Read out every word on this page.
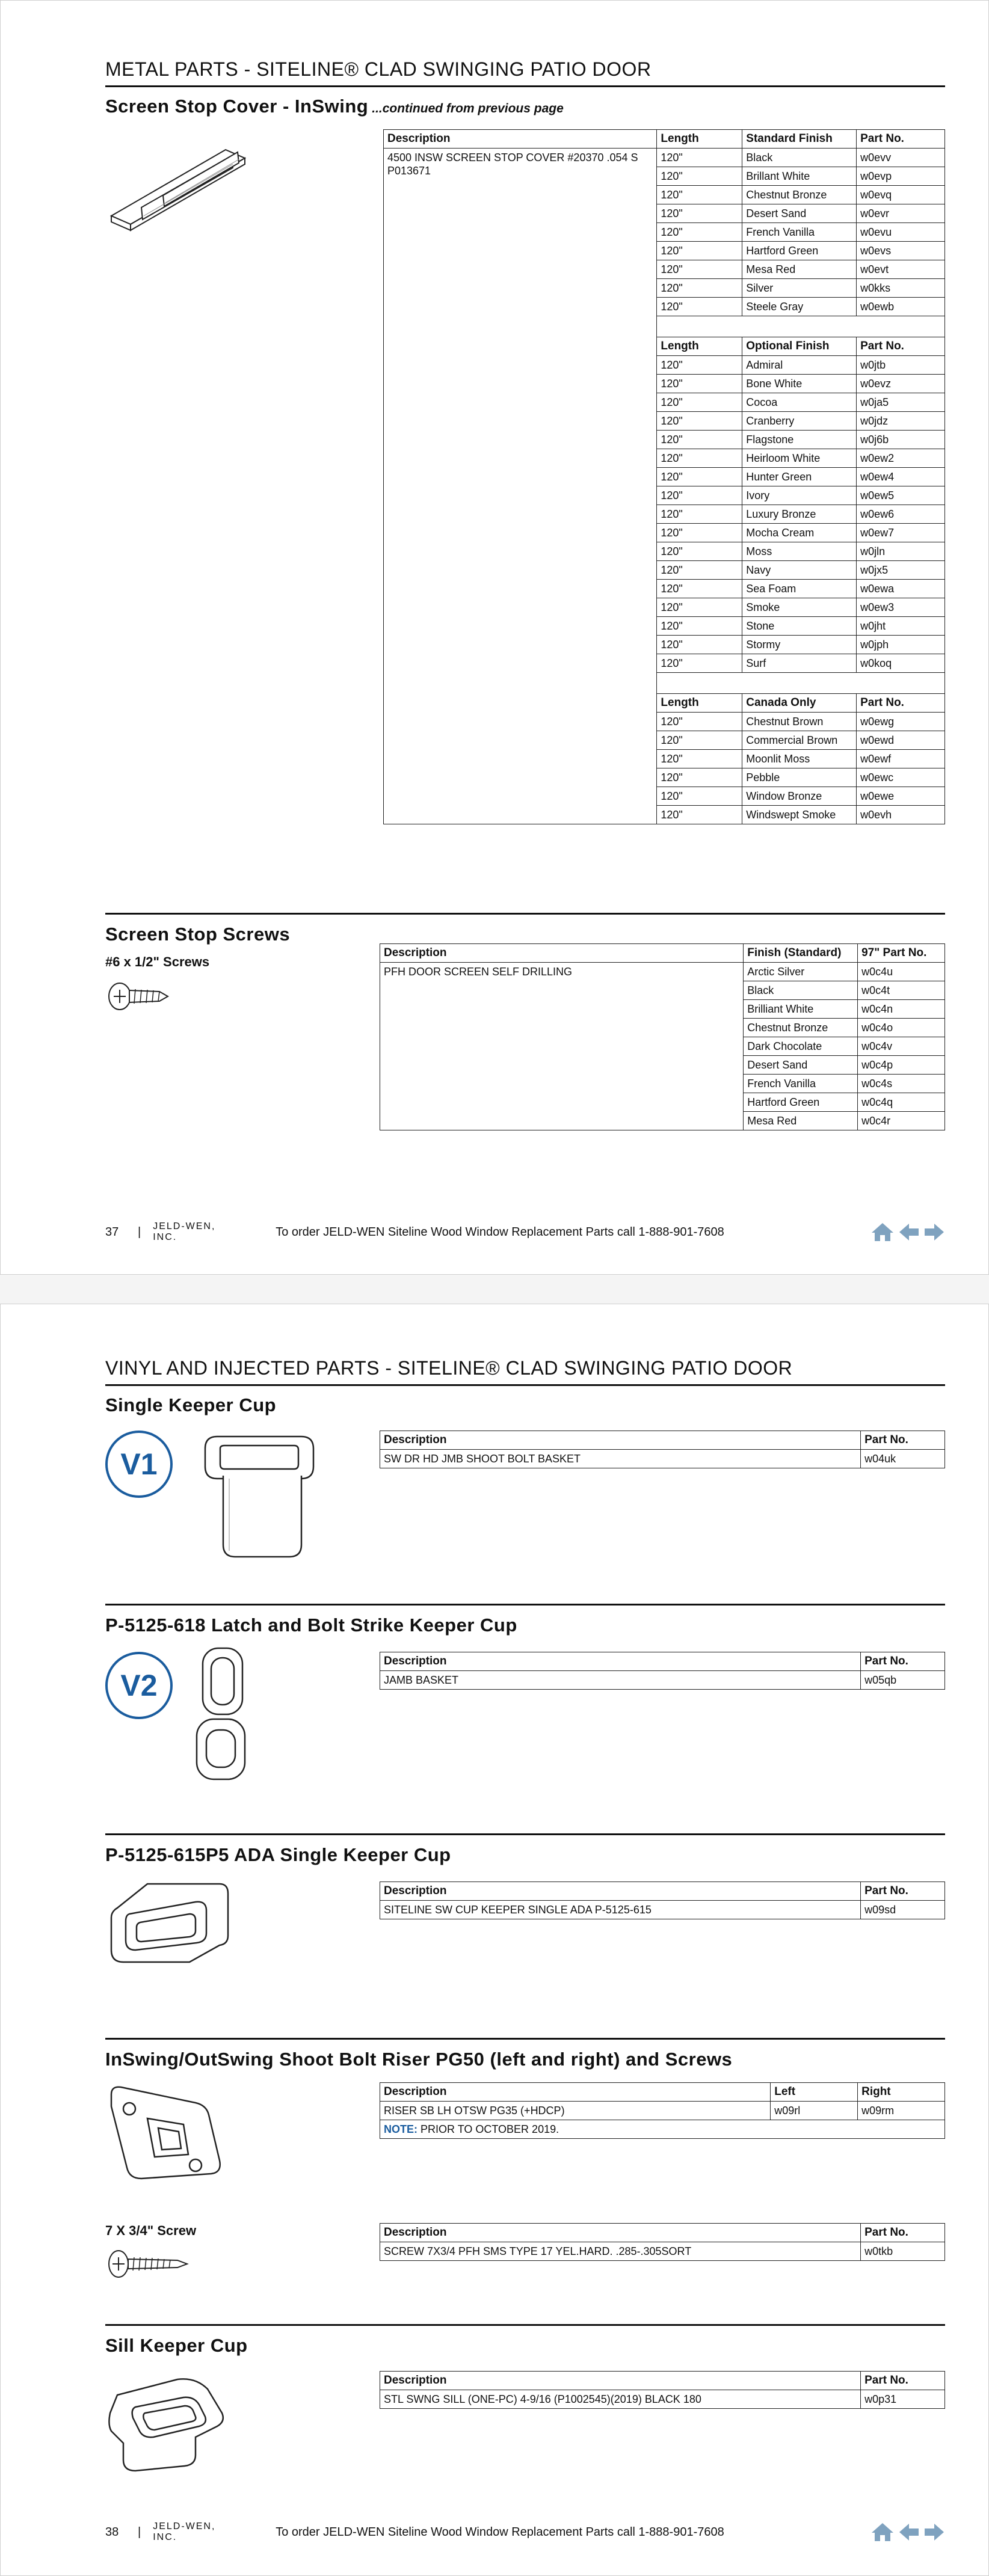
METAL PARTS - SITELINE® CLAD SWINGING PATIO DOOR
Screen Stop Cover - InSwing ...continued from previous page
Description	Length	Standard Finish	Part No.
4500 INSW SCREEN STOP COVER #20370 .054 S P013671	120"	Black	w0evv
	120"	Brillant White	w0evp
	120"	Chestnut Bronze	w0evq
	120"	Desert Sand	w0evr
	120"	French Vanilla	w0evu
	120"	Hartford Green	w0evs
	120"	Mesa Red	w0evt
	120"	Silver	w0kks
	120"	Steele Gray	w0ewb

	Length	Optional Finish	Part No.
	120"	Admiral	w0jtb
	120"	Bone White	w0evz
	120"	Cocoa	w0ja5
	120"	Cranberry	w0jdz
	120"	Flagstone	w0j6b
	120"	Heirloom White	w0ew2
	120"	Hunter Green	w0ew4
	120"	Ivory	w0ew5
	120"	Luxury Bronze	w0ew6
	120"	Mocha Cream	w0ew7
	120"	Moss	w0jln
	120"	Navy	w0jx5
	120"	Sea Foam	w0ewa
	120"	Smoke	w0ew3
	120"	Stone	w0jht
	120"	Stormy	w0jph
	120"	Surf	w0koq

	Length	Canada Only	Part No.
	120"	Chestnut Brown	w0ewg
	120"	Commercial Brown	w0ewd
	120"	Moonlit Moss	w0ewf
	120"	Pebble	w0ewc
	120"	Window Bronze	w0ewe
	120"	Windswept Smoke	w0evh
Screen Stop Screws
#6 x 1/2" Screws
Description	Finish (Standard)	97" Part No.
PFH DOOR SCREEN SELF DRILLING	Arctic Silver	w0c4u
	Black	w0c4t
	Brilliant White	w0c4n
	Chestnut Bronze	w0c4o
	Dark Chocolate	w0c4v
	Desert Sand	w0c4p
	French Vanilla	w0c4s
	Hartford Green	w0c4q
	Mesa Red	w0c4r
37	| JELD-WEN, INC.	To order JELD-WEN Siteline Wood Window Replacement Parts call 1-888-901-7608
VINYL AND INJECTED PARTS - SITELINE® CLAD SWINGING PATIO DOOR
Single Keeper Cup
V1
Description	Part No.
SW DR HD JMB SHOOT BOLT BASKET	w04uk
P-5125-618 Latch and Bolt Strike Keeper Cup
V2
Description	Part No.
JAMB BASKET	w05qb
P-5125-615P5 ADA Single Keeper Cup
Description	Part No.
SITELINE SW CUP KEEPER SINGLE ADA P-5125-615	w09sd
InSwing/OutSwing Shoot Bolt Riser PG50 (left and right) and Screws
Description	Left	Right
RISER SB LH OTSW PG35 (+HDCP)	w09rl	w09rm
NOTE: PRIOR TO OCTOBER 2019.		
7 X 3/4" Screw	Description	Part No.
SCREW 7X3/4 PFH SMS TYPE 17 YEL.HARD. .285-.305SORT	w0tkb
Sill Keeper Cup
Description	Part No.
STL SWNG SILL (ONE-PC) 4-9/16 (P1002545)(2019) BLACK 180	w0p31
38	| JELD-WEN, INC.	To order JELD-WEN Siteline Wood Window Replacement Parts call 1-888-901-7608
